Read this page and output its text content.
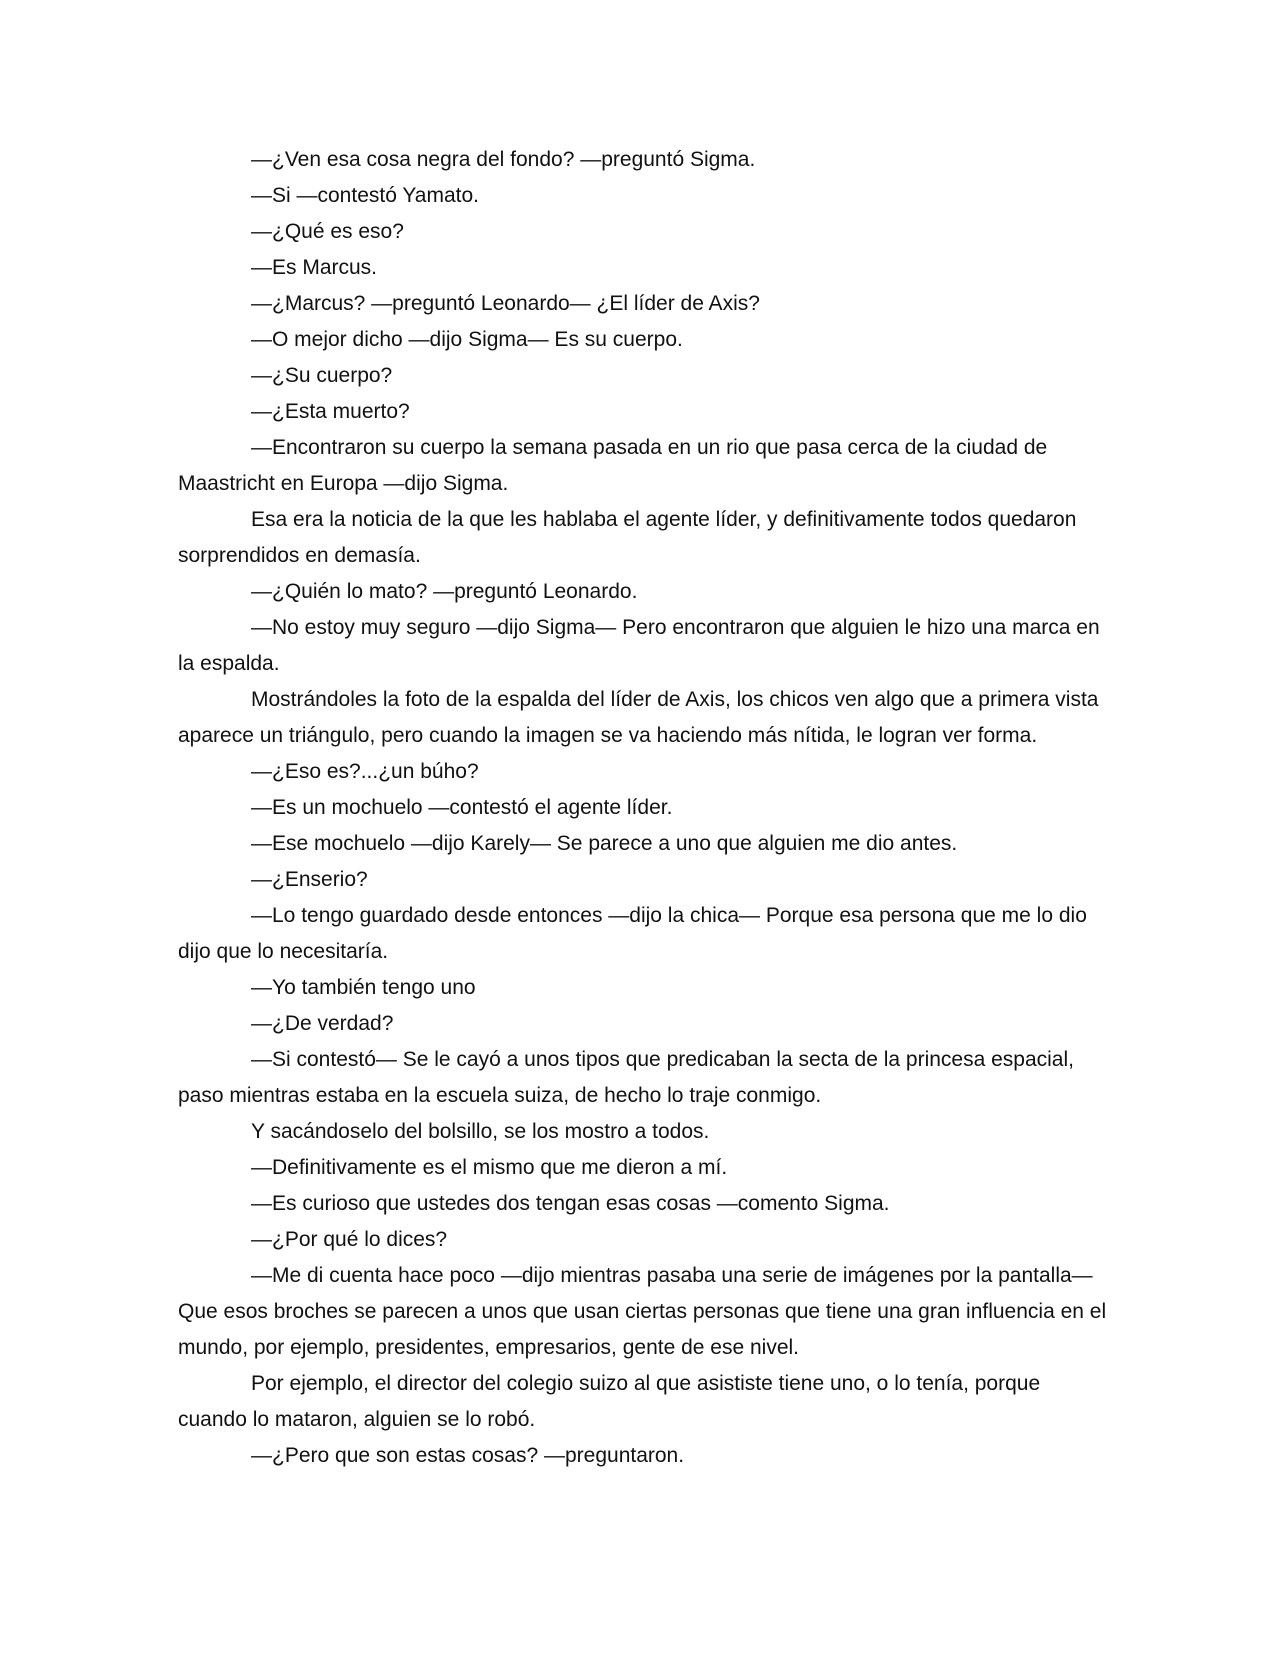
—¿Ven esa cosa negra del fondo? —preguntó Sigma.

—Si —contestó Yamato.

—¿Qué es eso?

—Es Marcus.

—¿Marcus? —preguntó Leonardo— ¿El líder de Axis?

—O mejor dicho —dijo Sigma— Es su cuerpo.

—¿Su cuerpo?

—¿Esta muerto?

—Encontraron su cuerpo la semana pasada en un rio que pasa cerca de la ciudad de Maastricht en Europa —dijo Sigma.

Esa era la noticia de la que les hablaba el agente líder, y definitivamente todos quedaron sorprendidos en demasía.

—¿Quién lo mato? —preguntó Leonardo.

—No estoy muy seguro —dijo Sigma— Pero encontraron que alguien le hizo una marca en la espalda.

Mostrándoles la foto de la espalda del líder de Axis, los chicos ven algo que a primera vista aparece un triángulo, pero cuando la imagen se va haciendo más nítida, le logran ver forma.

—¿Eso es?...¿un búho?

—Es un mochuelo —contestó el agente líder.

—Ese mochuelo —dijo Karely— Se parece a uno que alguien me dio antes.

—¿Enserio?

—Lo tengo guardado desde entonces —dijo la chica— Porque esa persona que me lo dio dijo que lo necesitaría.

—Yo también tengo uno

—¿De verdad?

—Si contestó— Se le cayó a unos tipos que predicaban la secta de la princesa espacial, paso mientras estaba en la escuela suiza, de hecho lo traje conmigo.

Y sacándoselo del bolsillo, se los mostro a todos.

—Definitivamente es el mismo que me dieron a mí.

—Es curioso que ustedes dos tengan esas cosas —comento Sigma.

—¿Por qué lo dices?

—Me di cuenta hace poco —dijo mientras pasaba una serie de imágenes por la pantalla— Que esos broches se parecen a unos que usan ciertas personas que tiene una gran influencia en el mundo, por ejemplo, presidentes, empresarios, gente de ese nivel.

Por ejemplo, el director del colegio suizo al que asististe tiene uno, o lo tenía, porque cuando lo mataron, alguien se lo robó.

—¿Pero que son estas cosas? —preguntaron.
